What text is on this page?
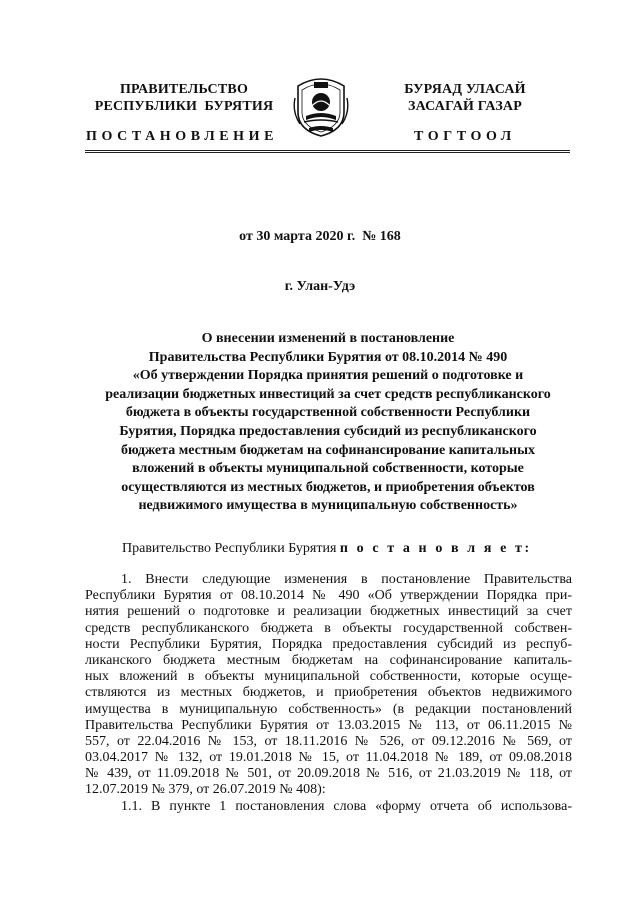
ПРАВИТЕЛЬСТВО
РЕСПУБЛИКИ  БУРЯТИЯ
БУРЯАД УЛАСАЙ
ЗАСАГАЙ ГАЗАР
ПОСТАНОВЛЕНИЕ	ТОГТООЛ
от 30 марта 2020 г.  № 168
г. Улан-Удэ
О внесении изменений в постановление
Правительства Республики Бурятия от 08.10.2014 № 490
«Об утверждении Порядка принятия решений о подготовке и
реализации бюджетных инвестиций за счет средств республиканского
бюджета в объекты государственной собственности Республики
Бурятия, Порядка предоставления субсидий из республиканского
бюджета местным бюджетам на софинансирование капитальных
вложений в объекты муниципальной собственности, которые
осуществляются из местных бюджетов, и приобретения объектов
недвижимого имущества в муниципальную собственность»
Правительство Республики Бурятия п о с т а н о в л я е т:
1. Внести следующие изменения в постановление Правительства
Республики Бурятия от 08.10.2014 № 490 «Об утверждении Порядка при-
нятия решений о подготовке и реализации бюджетных инвестиций за счет
средств республиканского бюджета в объекты государственной собствен-
ности Республики Бурятия, Порядка предоставления субсидий из респуб-
ликанского бюджета местным бюджетам на софинансирование капиталь-
ных вложений в объекты муниципальной собственности, которые осуще-
ствляются из местных бюджетов, и приобретения объектов недвижимого
имущества в муниципальную собственность» (в редакции постановлений
Правительства Республики Бурятия от 13.03.2015 № 113, от 06.11.2015 №
557, от 22.04.2016 № 153, от 18.11.2016 № 526, от 09.12.2016 № 569, от
03.04.2017 № 132, от 19.01.2018 № 15, от 11.04.2018 № 189, от 09.08.2018
№ 439, от 11.09.2018 № 501, от 20.09.2018 № 516, от 21.03.2019 № 118, от
12.07.2019 № 379, от 26.07.2019 № 408):
1.1. В пункте 1 постановления слова «форму отчета об использова-
